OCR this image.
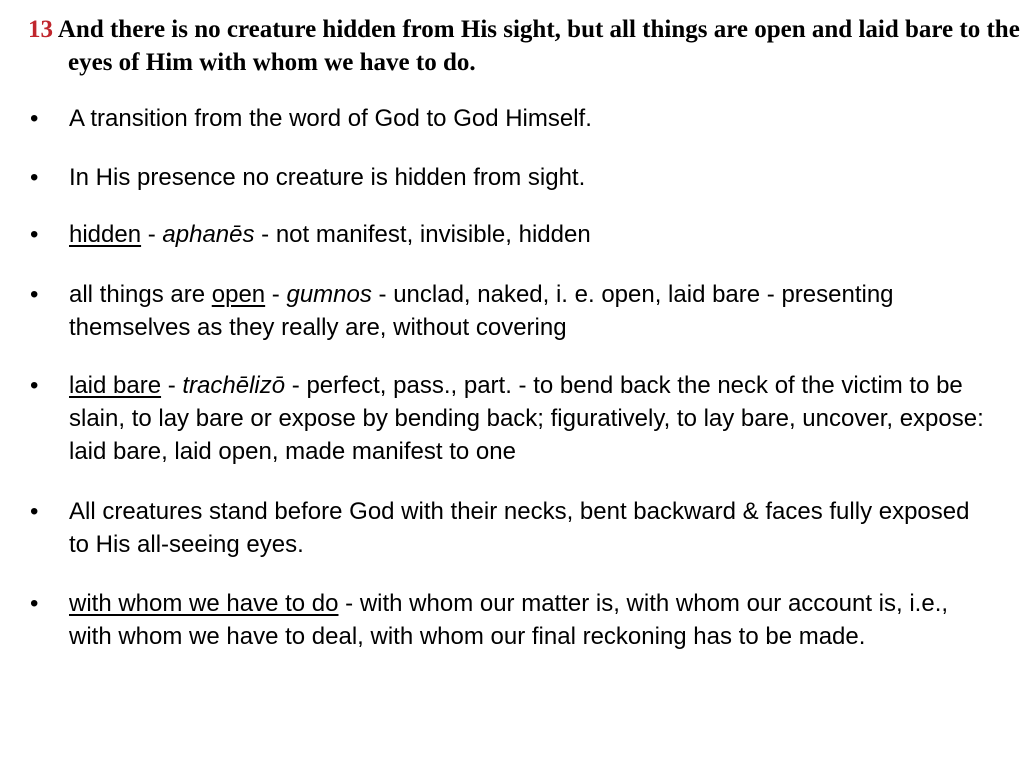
13 And there is no creature hidden from His sight, but all things are open and laid bare to the eyes of Him with whom we have to do.
•	A transition from the word of God to God Himself.
•	In His presence no creature is hidden from sight.
•	hidden - aphanēs - not manifest, invisible, hidden
•	all things are open - gumnos - unclad, naked, i. e. open, laid bare - presenting themselves as they really are, without covering
•	laid bare - trachēlizō - perfect, pass., part. - to bend back the neck of the victim to be slain, to lay bare or expose by bending back; figuratively, to lay bare, uncover, expose: laid bare, laid open, made manifest to one
•	All creatures stand before God with their necks, bent backward & faces fully exposed to His all-seeing eyes.
•	with whom we have to do - with whom our matter is, with whom our account is, i.e., with whom we have to deal, with whom our final reckoning has to be made.
